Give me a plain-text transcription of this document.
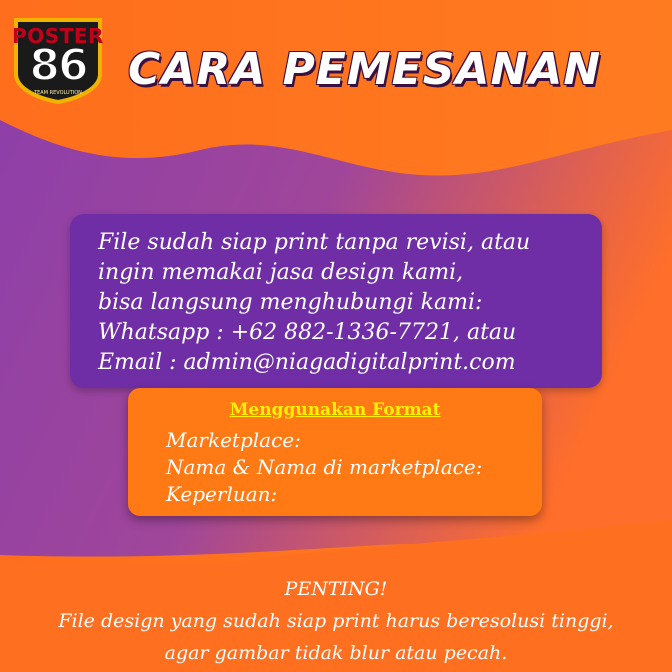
POSTER
86
TEAM REVOLUTION	CARA PEMESANAN
File sudah siap print tanpa revisi, atau
ingin memakai jasa design kami,
bisa langsung menghubungi kami:
Whatsapp : +62 882-1336-7721, atau
Email : admin@niagadigitalprint.com
Menggunakan Format
Marketplace:
Nama & Nama di marketplace:
Keperluan:
PENTING!
File design yang sudah siap print harus beresolusi tinggi,
agar gambar tidak blur atau pecah.
